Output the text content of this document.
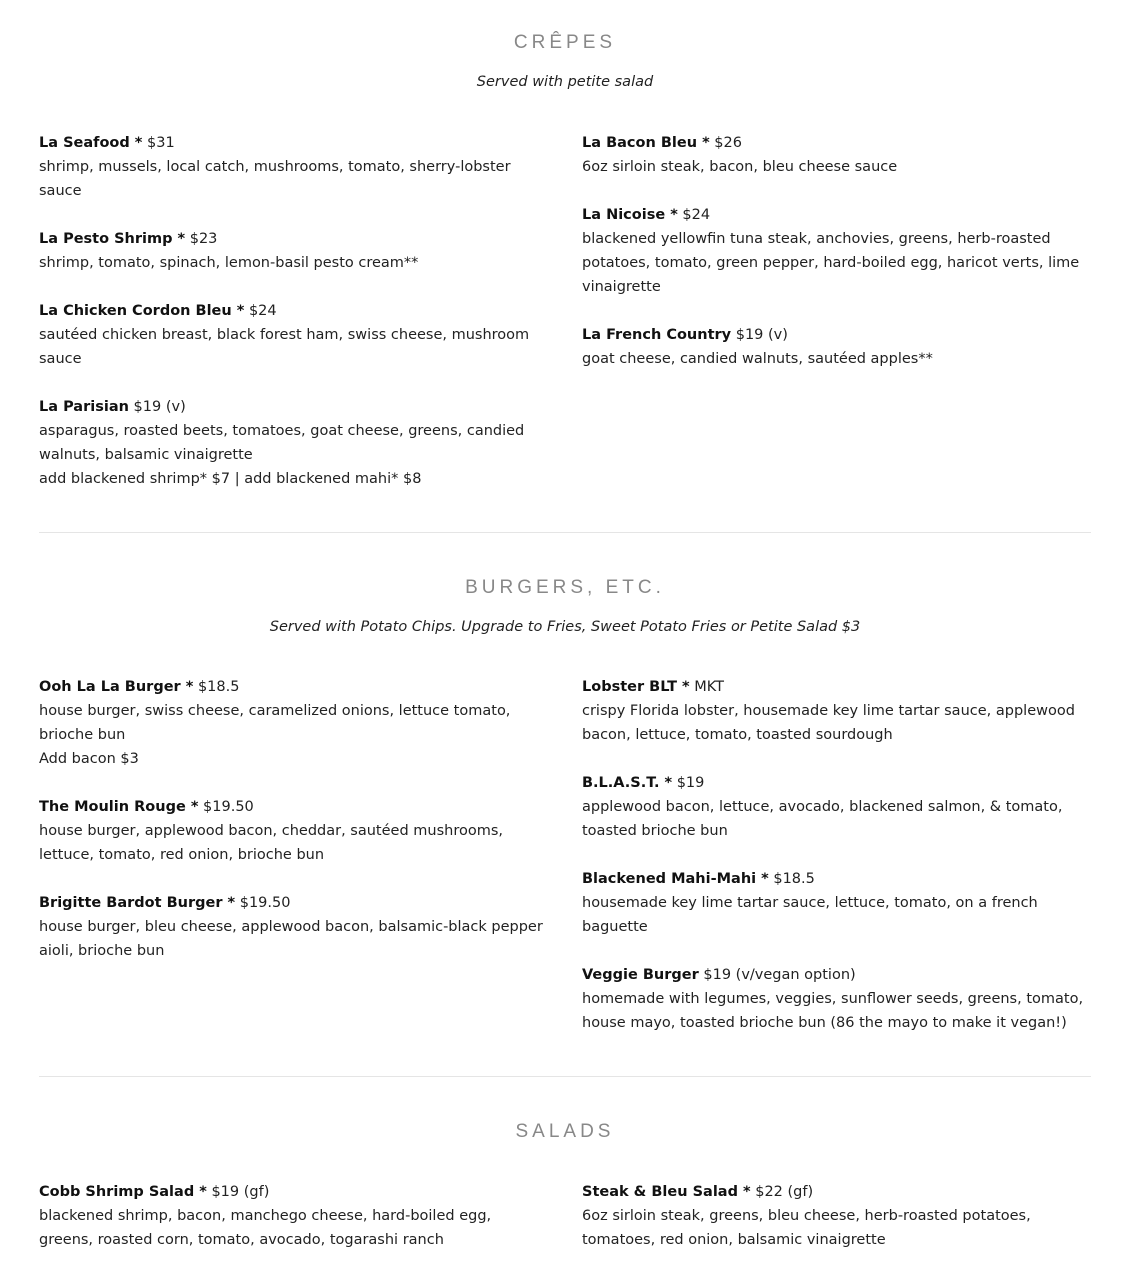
CRÊPES

Served with petite salad

La Seafood * $31
shrimp, mussels, local catch, mushrooms, tomato, sherry-lobster sauce
La Pesto Shrimp * $23
shrimp, tomato, spinach, lemon-basil pesto cream**
La Chicken Cordon Bleu * $24
sautéed chicken breast, black forest ham, swiss cheese, mushroom sauce
La Parisian $19 (v)
asparagus, roasted beets, tomatoes, goat cheese, greens, candied walnuts, balsamic vinaigrette
add blackened shrimp* $7 | add blackened mahi* $8
La Bacon Bleu * $26
6oz sirloin steak, bacon, bleu cheese sauce
La Nicoise * $24
blackened yellowfin tuna steak, anchovies, greens, herb-roasted potatoes, tomato, green pepper, hard-boiled egg, haricot verts, lime vinaigrette
La French Country $19 (v)
goat cheese, candied walnuts, sautéed apples**
BURGERS, ETC.

Served with Potato Chips. Upgrade to Fries, Sweet Potato Fries or Petite Salad $3

Ooh La La Burger * $18.5
house burger, swiss cheese, caramelized onions, lettuce tomato, brioche bun
Add bacon $3
The Moulin Rouge * $19.50
house burger, applewood bacon, cheddar, sautéed mushrooms, lettuce, tomato, red onion, brioche bun
Brigitte Bardot Burger * $19.50
house burger, bleu cheese, applewood bacon, balsamic-black pepper aioli, brioche bun
Lobster BLT * MKT
crispy Florida lobster, housemade key lime tartar sauce, applewood bacon, lettuce, tomato, toasted sourdough
B.L.A.S.T. * $19
applewood bacon, lettuce, avocado, blackened salmon, & tomato, toasted brioche bun
Blackened Mahi-Mahi * $18.5
housemade key lime tartar sauce, lettuce, tomato, on a french baguette
Veggie Burger $19 (v/vegan option)
homemade with legumes, veggies, sunflower seeds, greens, tomato, house mayo, toasted brioche bun (86 the mayo to make it vegan!)
SALADS
Cobb Shrimp Salad * $19 (gf)
blackened shrimp, bacon, manchego cheese, hard-boiled egg, greens, roasted corn, tomato, avocado, togarashi ranch
Steak & Bleu Salad * $22 (gf)
6oz sirloin steak, greens, bleu cheese, herb-roasted potatoes, tomatoes, red onion, balsamic vinaigrette
